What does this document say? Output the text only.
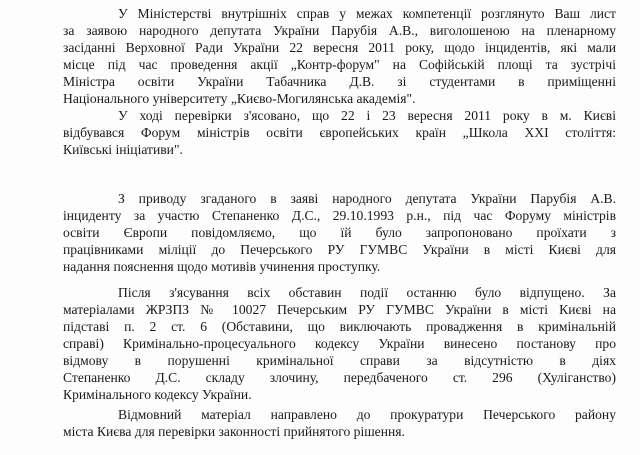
У Міністерстві внутрішніх справ у межах компетенції розглянуто Ваш лист
за заявою народного депутата України Парубія А.В., виголошеною на пленарному
засіданні Верховної Ради України 22 вересня 2011 року, щодо інцидентів, які мали
місце під час проведення акції „Контр-форум" на Софійській площі та зустрічі
Міністра освіти України Табачника Д.В. зі студентами в приміщенні
Національного університету „Києво-Могилянська академія".
У ході перевірки з'ясовано, що 22 і 23 вересня 2011 року в м. Києві
відбувався Форум міністрів освіти європейських країн „Школа XXI століття:
Київські ініціативи".
З приводу згаданого в заяві народного депутата України Парубія А.В.
інциденту за участю Степаненко Д.С., 29.10.1993 р.н., під час Форуму міністрів
освіти Європи повідомляємо, що їй було запропоновано проїхати з
працівниками міліції до Печерського РУ ГУМВС України в місті Києві для
надання пояснення щодо мотивів учинення проступку.
Після з'ясування всіх обставин події останню було відпущено. За
матеріалами ЖРЗПЗ № 10027 Печерським РУ ГУМВС України в місті Києві на
підставі п. 2 ст. 6 (Обставини, що виключають провадження в кримінальній
справі) Кримінально-процесуального кодексу України винесено постанову про
відмову в порушенні кримінальної справи за відсутністю в діях
Степаненко Д.С. складу злочину, передбаченого ст. 296 (Хуліганство)
Кримінального кодексу України.
Відмовний матеріал направлено до прокуратури Печерського району
міста Києва для перевірки законності прийнятого рішення.
